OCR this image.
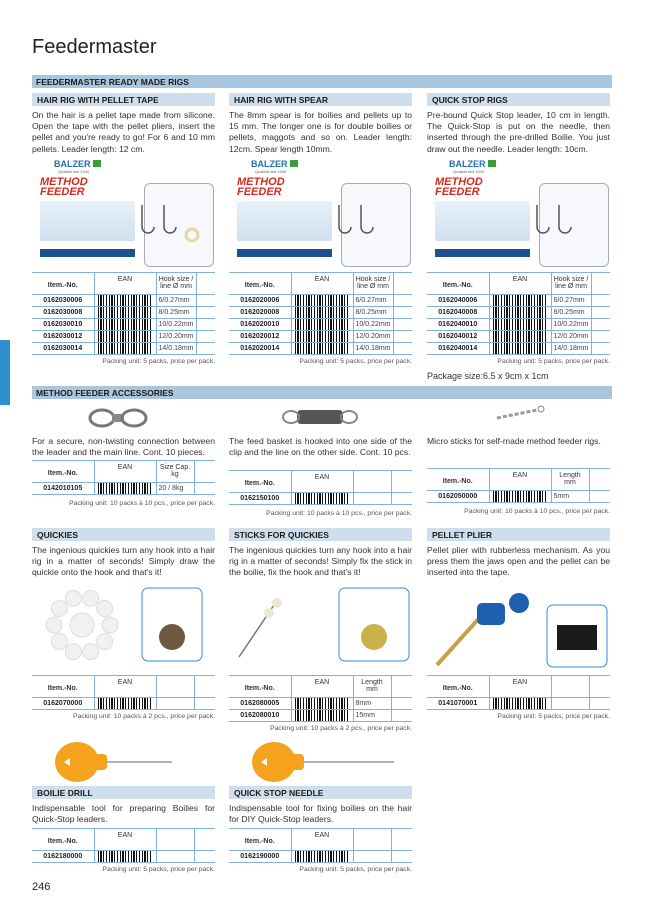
Feedermaster
FEEDERMASTER READY MADE RIGS
METHOD FEEDER ACCESSORIES
246
HAIR RIG WITH PELLET TAPE
On the hair is a pellet tape made from silicone. Open the tape with the pellet pliers, insert the pellet and you're ready to go! For 6 and 10 mm pellets. Leader length: 12 cm.
BALZER
Qualität seit 1949
METHOD FEEDER
Item.-No.	EAN	Hook size / line Ø mm	
0162030006		6/0.27mm	
0162030008		8/0.25mm	
0162030010		10/0.22mm	
0162030012		12/0.20mm	
0162030014		14/0.18mm	
Packing unit: 5 packs, price per pack.
HAIR RIG WITH SPEAR
The 8mm spear is for boilies and pellets up to 15 mm. The longer one is for double boilies or pellets, maggots and so on. Leader length: 12cm. Spear length 10mm.
BALZER
Qualität seit 1949
METHOD FEEDER
Item.-No.	EAN	Hook size / line Ø mm	
0162020006		6/0.27mm	
0162020008		8/0.25mm	
0162020010		10/0.22mm	
0162020012		12/0.20mm	
0162020014		14/0.18mm	
Packing unit: 5 packs, price per pack.
QUICK STOP RIGS
Pre-bound Quick Stop leader, 10 cm in length. The Quick-Stop is put on the needle, then inserted through the pre-drilled Boilie. You just draw out the needle. Leader length: 10cm.
BALZER
Qualität seit 1949
METHOD FEEDER
Item.-No.	EAN	Hook size / line Ø mm	
0162040006		6/0.27mm	
0162040008		8/0.25mm	
0162040010		10/0.22mm	
0162040012		12/0.20mm	
0162040014		14/0.18mm	
Packing unit: 5 packs, price per pack.
Package size:6.5 x 9cm x 1cm
For a secure, non-twisting connection between the leader and the main line. Cont. 10 pieces.
Item.-No.	EAN	Size Cap. kg	
0142010105		20 / 8kg	
Packing unit: 10 packs à 10 pcs., price per pack.
The feed basket is hooked into one side of the clip and the line on the other side. Cont. 10 pcs.
Item.-No.	EAN		
0162150100	

Packing unit: 10 packs à 10 pcs., price per pack.
Micro sticks for self-made method feeder rigs.
Item.-No.	EAN	Length mm	
0162050000		5mm	
Packing unit: 10 packs à 10 pcs., price per pack.
QUICKIES
The ingenious quickies turn any hook into a hair rig in a matter of seconds! Simply draw the quickie onto the hook and that's it!
Item.-No.	EAN		
0162070000	

Packing unit: 10 packs à 2 pcs., price per pack.
STICKS FOR QUICKIES
The ingenious quickies turn any hook into a hair rig in a matter of seconds! Simply fix the stick in the boilie, fix the hook and that's it!
Item.-No.	EAN	Length mm	
0162080005		8mm	
0162080010		15mm	
Packing unit: 10 packs à 2 pcs., price per pack.
PELLET PLIER
Pellet plier with rubberless mechanism. As you press them the jaws open and the pellet can be inserted into the tape.
Item.-No.	EAN		
0141070001	

Packing unit: 5 packs, price per pack.
BOILIE DRILL
Indispensable tool for preparing Boilies for Quick-Stop leaders.
Item.-No.	EAN		
0162180000	

Packing unit: 5 packs, price per pack.
QUICK STOP NEEDLE
Indispensable tool for fixing boilies on the hair for DIY Quick-Stop leaders.
Item.-No.	EAN		
0162190000	

Packing unit: 5 packs, price per pack.
